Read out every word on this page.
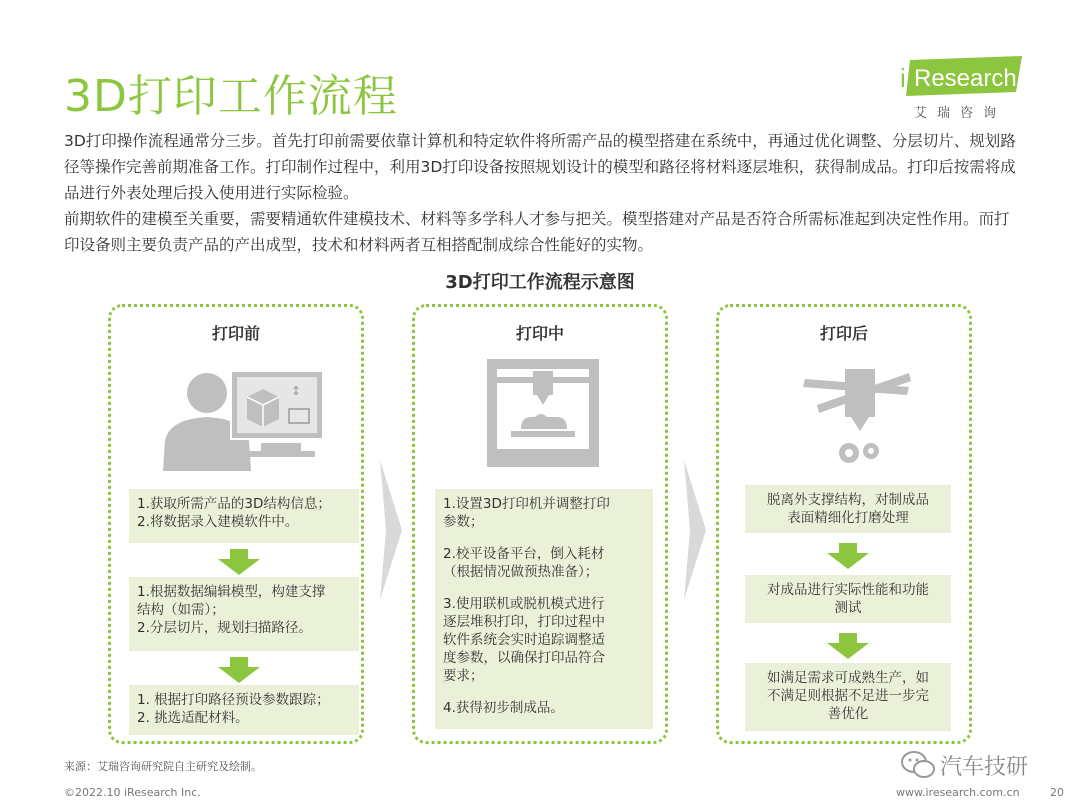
3D打印工作流程	i Research
艾瑞咨询

3D打印操作流程通常分三步。首先打印前需要依靠计算机和特定软件将所需产品的模型搭建在系统中，再通过优化调整、分层切片、规划路径等操作完善前期准备工作。打印制作过程中，利用3D打印设备按照规划设计的模型和路径将材料逐层堆积，获得制成品。打印后按需将成品进行外表处理后投入使用进行实际检验。

前期软件的建模至关重要，需要精通软件建模技术、材料等多学科人才参与把关。模型搭建对产品是否符合所需标准起到决定性作用。而打印设备则主要负责产品的产出成型，技术和材料两者互相搭配制成综合性能好的实物。

3D打印工作流程示意图
打印前
↕
1.获取所需产品的3D结构信息；
2.将数据录入建模软件中。
1.根据数据编辑模型，构建支撑
结构（如需）；
2.分层切片，规划扫描路径。
1. 根据打印路径预设参数跟踪；
2. 挑选适配材料。
打印中
1.设置3D打印机并调整打印
参数；
2.校平设备平台，倒入耗材
（根据情况做预热准备）；
3.使用联机或脱机模式进行
逐层堆积打印，打印过程中
软件系统会实时追踪调整适
度参数，以确保打印品符合
要求；
4.获得初步制成品。
打印后
脱离外支撑结构，对制成品
表面精细化打磨处理
对成品进行实际性能和功能
测试
如满足需求可成熟生产，如
不满足则根据不足进一步完
善优化
来源：艾瑞咨询研究院自主研究及绘制。	汽车技研
©2022.10 iResearch Inc.	www.iresearch.com.cn	20
